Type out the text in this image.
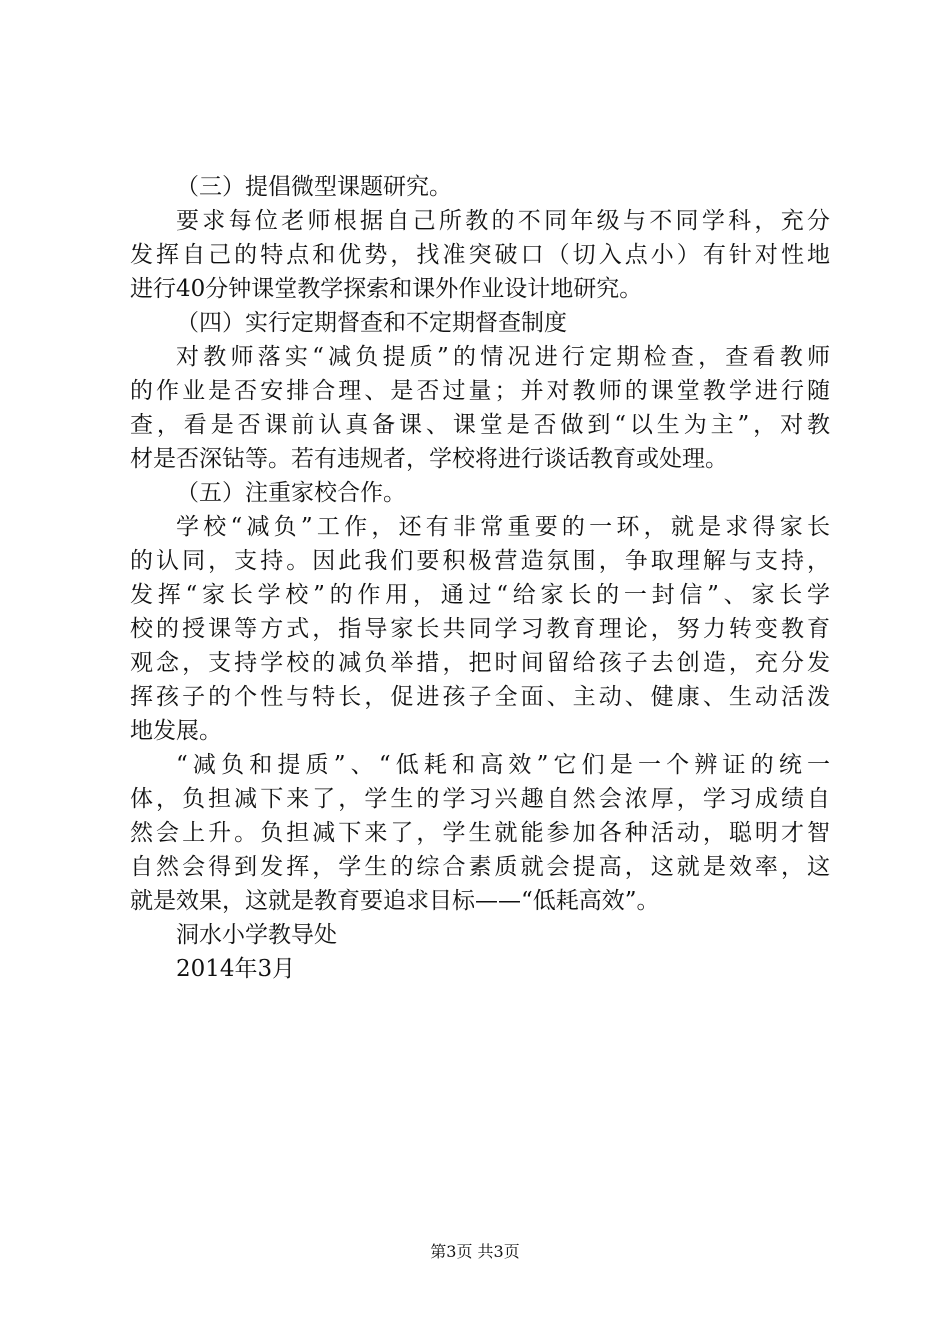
（三）提倡微型课题研究。
要求每位老师根据自己所教的不同年级与不同学科，充分
发挥自己的特点和优势，找准突破口（切入点小）有针对性地
进行40分钟课堂教学探索和课外作业设计地研究。
（四）实行定期督查和不定期督查制度
对教师落实“减负提质”的情况进行定期检查，查看教师
的作业是否安排合理、是否过量；并对教师的课堂教学进行随
查，看是否课前认真备课、课堂是否做到“以生为主”，对教
材是否深钻等。若有违规者，学校将进行谈话教育或处理。
（五）注重家校合作。
学校“减负”工作，还有非常重要的一环，就是求得家长
的认同，支持。因此我们要积极营造氛围，争取理解与支持，
发挥“家长学校”的作用，通过“给家长的一封信”、家长学
校的授课等方式，指导家长共同学习教育理论，努力转变教育
观念，支持学校的减负举措，把时间留给孩子去创造，充分发
挥孩子的个性与特长，促进孩子全面、主动、健康、生动活泼
地发展。
“减负和提质”、“低耗和高效”它们是一个辨证的统一
体，负担减下来了，学生的学习兴趣自然会浓厚，学习成绩自
然会上升。负担减下来了，学生就能参加各种活动，聪明才智
自然会得到发挥，学生的综合素质就会提高，这就是效率，这
就是效果，这就是教育要追求目标——“低耗高效”。
洞水小学教导处
2014年3月
第3页 共3页
